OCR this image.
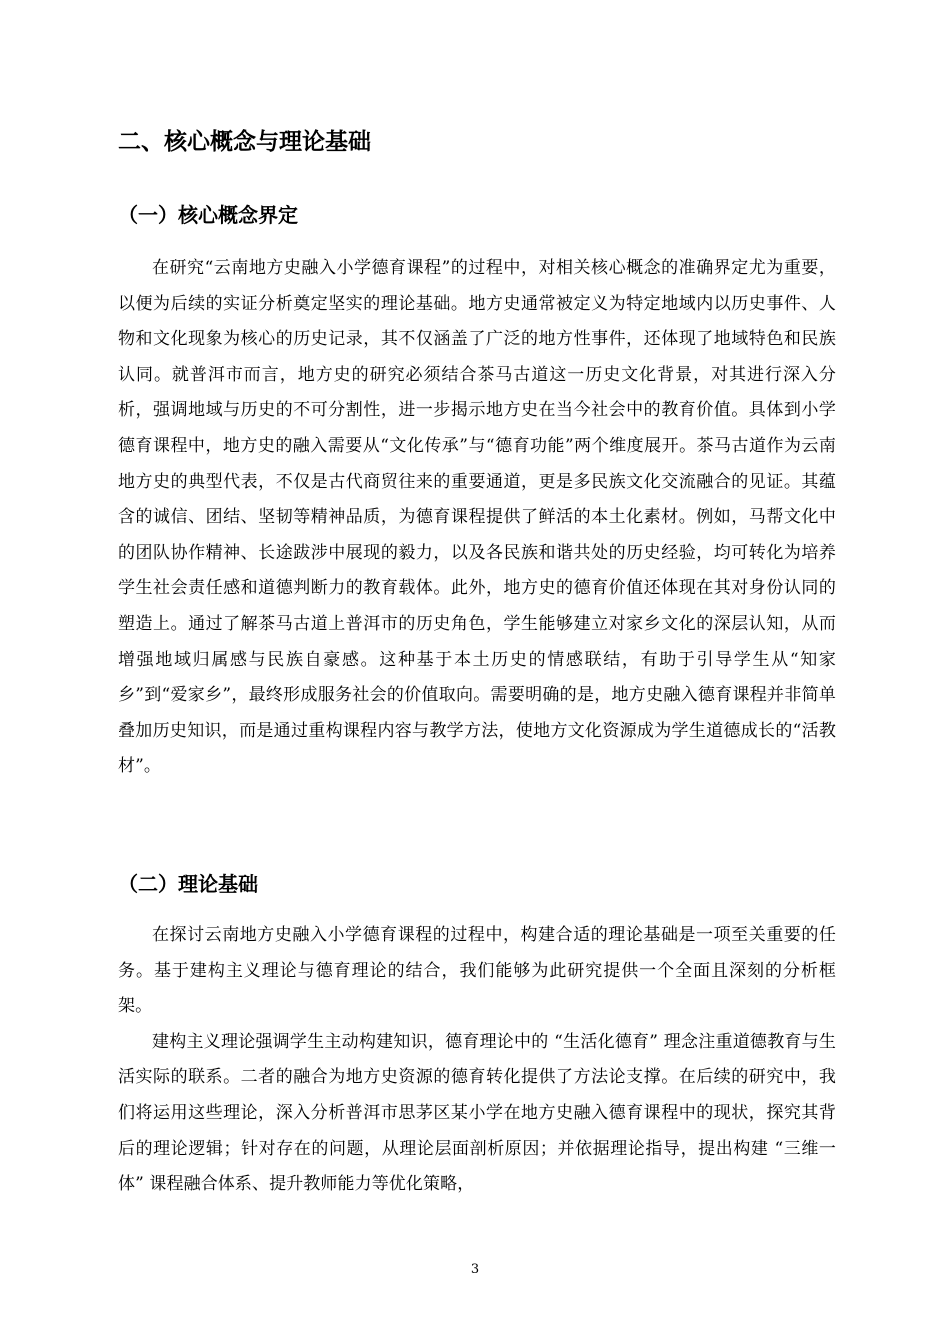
二、核心概念与理论基础
（一）核心概念界定

在研究“云南地方史融入小学德育课程”的过程中，对相关核心概念的准确界定尤为重要，以便为后续的实证分析奠定坚实的理论基础。地方史通常被定义为特定地域内以历史事件、人物和文化现象为核心的历史记录，其不仅涵盖了广泛的地方性事件，还体现了地域特色和民族认同。就普洱市而言，地方史的研究必须结合茶马古道这一历史文化背景，对其进行深入分析，强调地域与历史的不可分割性，进一步揭示地方史在当今社会中的教育价值。具体到小学德育课程中，地方史的融入需要从“文化传承”与“德育功能”两个维度展开。茶马古道作为云南地方史的典型代表，不仅是古代商贸往来的重要通道，更是多民族文化交流融合的见证。其蕴含的诚信、团结、坚韧等精神品质，为德育课程提供了鲜活的本土化素材。例如，马帮文化中的团队协作精神、长途跋涉中展现的毅力，以及各民族和谐共处的历史经验，均可转化为培养学生社会责任感和道德判断力的教育载体。此外，地方史的德育价值还体现在其对身份认同的塑造上。通过了解茶马古道上普洱市的历史角色，学生能够建立对家乡文化的深层认知，从而增强地域归属感与民族自豪感。这种基于本土历史的情感联结，有助于引导学生从“知家乡”到“爱家乡”，最终形成服务社会的价值取向。需要明确的是，地方史融入德育课程并非简单叠加历史知识，而是通过重构课程内容与教学方法，使地方文化资源成为学生道德成长的“活教材”。

（二）理论基础

在探讨云南地方史融入小学德育课程的过程中，构建合适的理论基础是一项至关重要的任务。基于建构主义理论与德育理论的结合，我们能够为此研究提供一个全面且深刻的分析框架。

建构主义理论强调学生主动构建知识，德育理论中的 “生活化德育” 理念注重道德教育与生活实际的联系。二者的融合为地方史资源的德育转化提供了方法论支撑。在后续的研究中，我们将运用这些理论，深入分析普洱市思茅区某小学在地方史融入德育课程中的现状，探究其背后的理论逻辑；针对存在的问题，从理论层面剖析原因；并依据理论指导，提出构建 “三维一体” 课程融合体系、提升教师能力等优化策略，

3
